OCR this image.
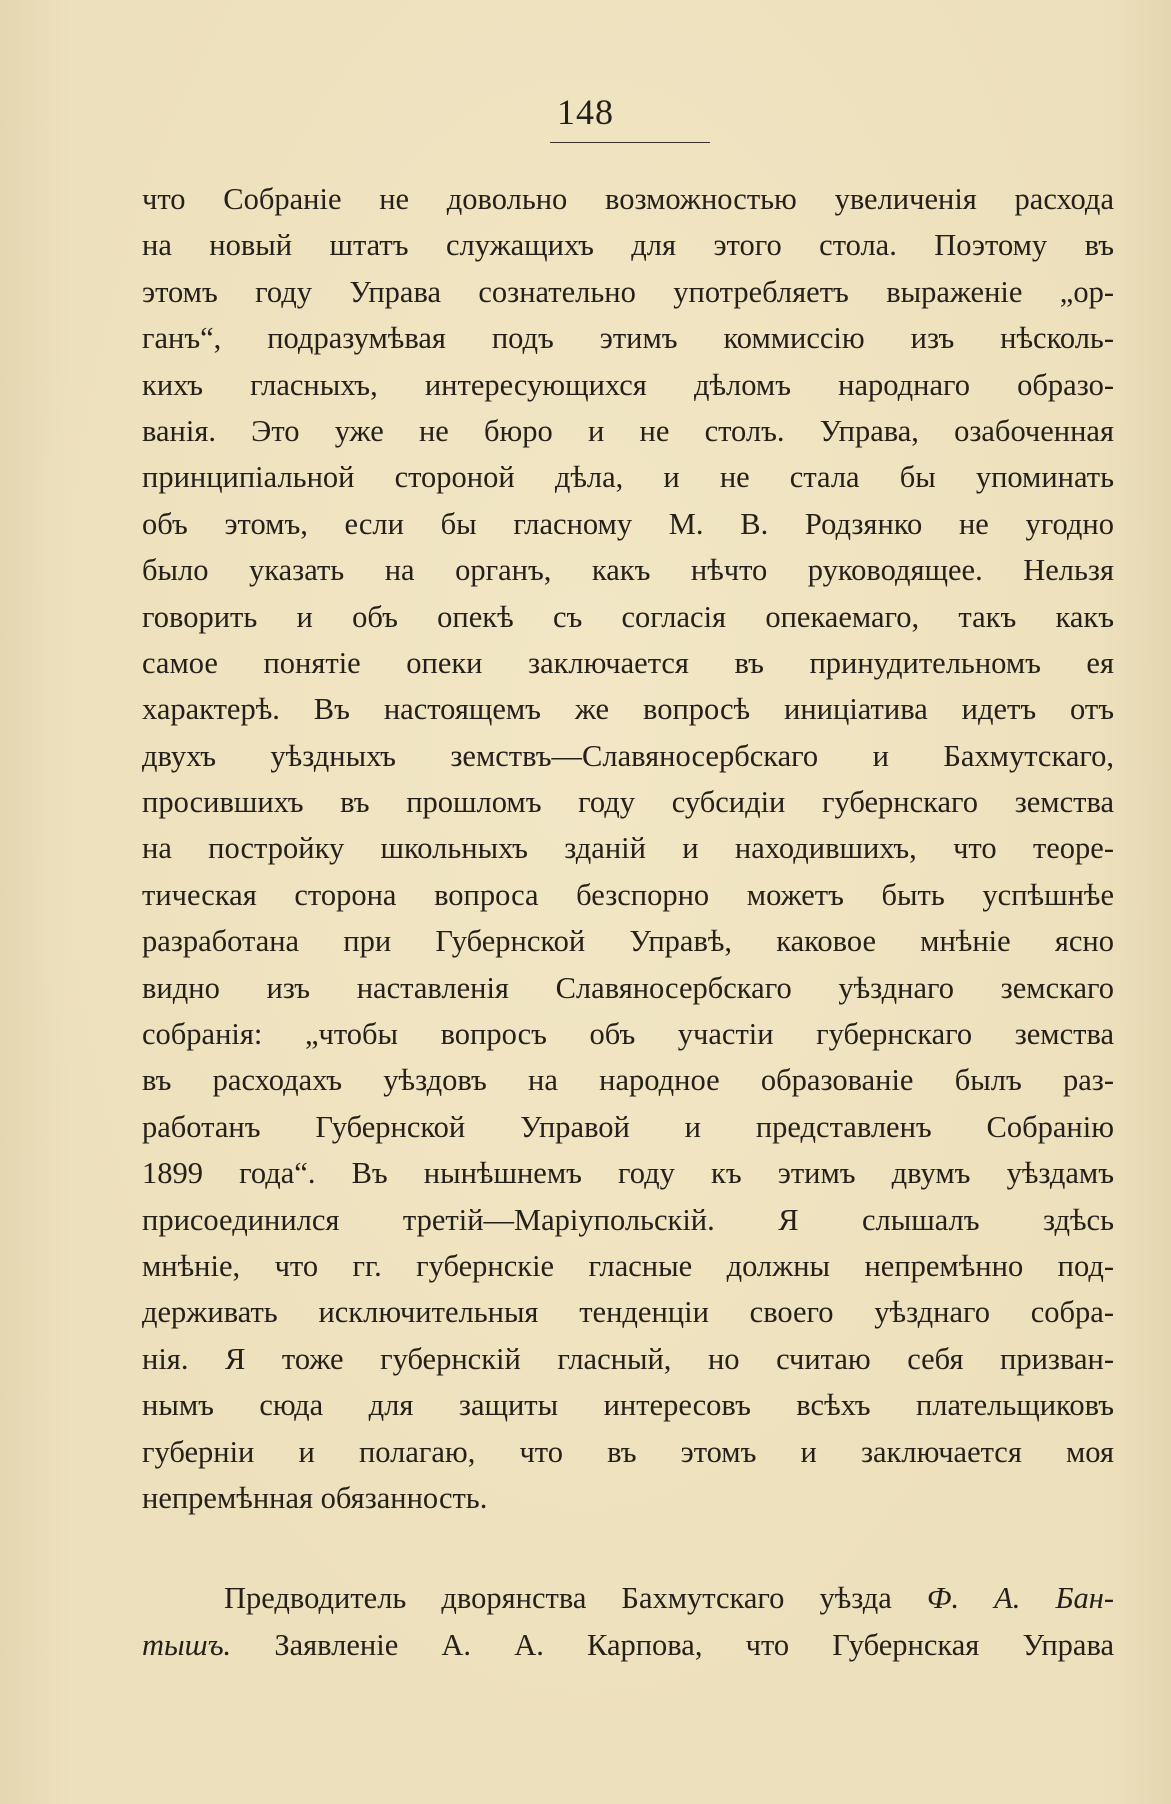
148
что Собраніе не довольно возможностью увеличенія расхода
на новый штатъ служащихъ для этого стола. Поэтому въ
этомъ году Управа сознательно употребляетъ выраженіе „ор-
ганъ“, подразумѣвая подъ этимъ коммиссію изъ нѣсколь-
кихъ гласныхъ, интересующихся дѣломъ народнаго образо-
ванія. Это уже не бюро и не столъ. Управа, озабоченная
принципіальной стороной дѣла, и не стала бы упоминать
объ этомъ, если бы гласному М. В. Родзянко не угодно
было указать на органъ, какъ нѣчто руководящее. Нельзя
говорить и объ опекѣ съ согласія опекаемаго, такъ какъ
самое понятіе опеки заключается въ принудительномъ ея
характерѣ. Въ настоящемъ же вопросѣ иниціатива идетъ отъ
двухъ уѣздныхъ земствъ—Славяносербскаго и Бахмутскаго,
просившихъ въ прошломъ году субсидіи губернскаго земства
на постройку школьныхъ зданій и находившихъ, что теоре-
тическая сторона вопроса безспорно можетъ быть успѣшнѣе
разработана при Губернской Управѣ, каковое мнѣніе ясно
видно изъ наставленія Славяносербскаго уѣзднаго земскаго
собранія: „чтобы вопросъ объ участіи губернскаго земства
въ расходахъ уѣздовъ на народное образованіе былъ раз-
работанъ Губернской Управой и представленъ Собранію
1899 года“. Въ нынѣшнемъ году къ этимъ двумъ уѣздамъ
присоединился третій—Маріупольскій. Я слышалъ здѣсь
мнѣніе, что гг. губернскіе гласные должны непремѣнно под-
держивать исключительныя тенденціи своего уѣзднаго собра-
нія. Я тоже губернскій гласный, но считаю себя призван-
нымъ сюда для защиты интересовъ всѣхъ плательщиковъ
губерніи и полагаю, что въ этомъ и заключается моя
непремѣнная обязанность.
Предводитель дворянства Бахмутскаго уѣзда Ф. А. Бан-
тышъ. Заявленіе А. А. Карпова, что Губернская Управа
